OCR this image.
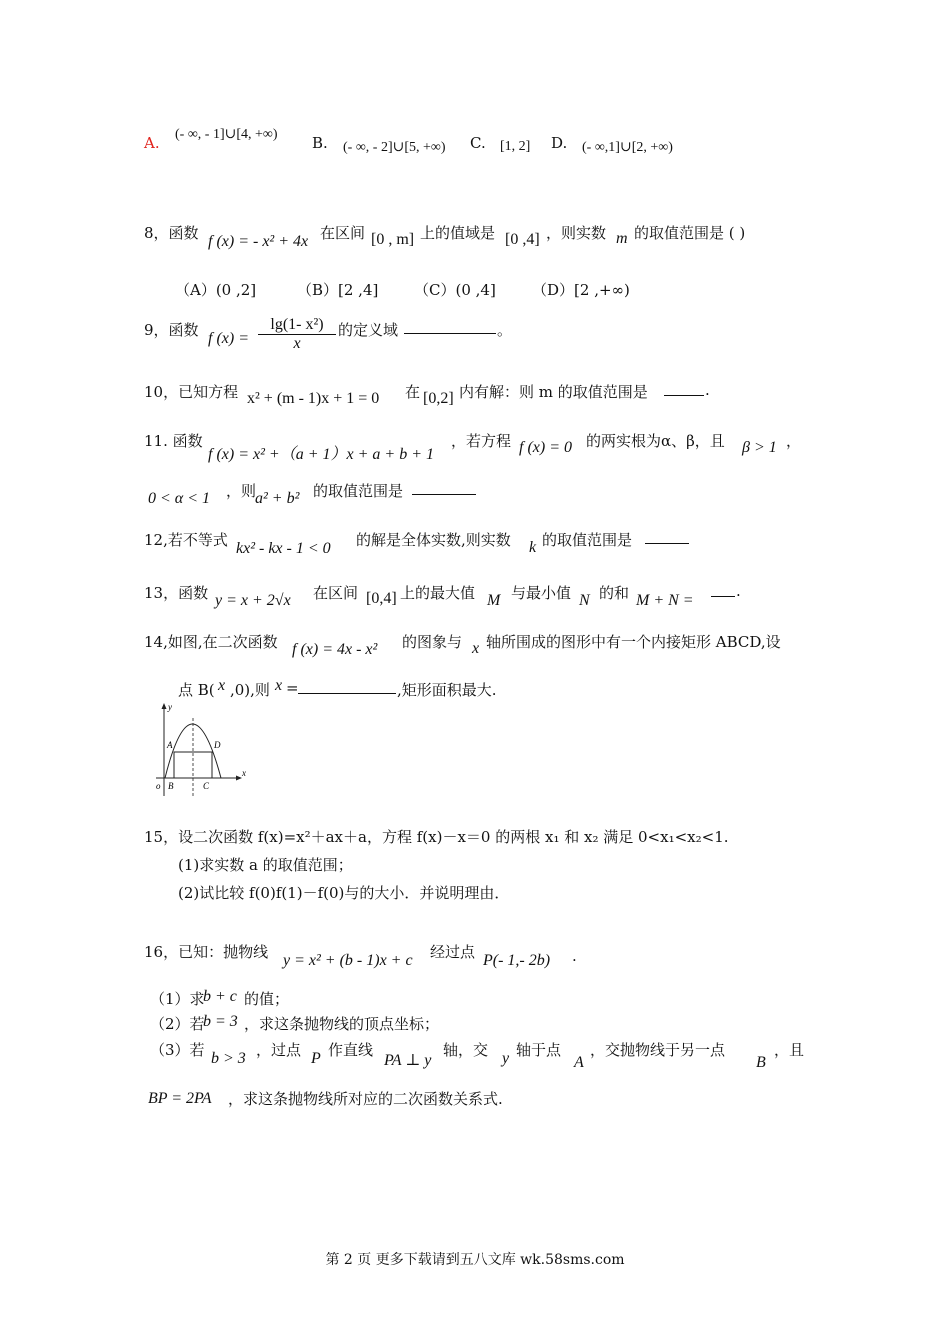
A. (- ∞, - 1]∪[4, +∞) B. (- ∞, - 2]∪[5, +∞) C. [1, 2] D. (- ∞,1]∪[2, +∞)
8，函数 f (x) = - x² + 4x 在区间 [0 , m] 上的值域是 [0 ,4] ，则实数 m 的取值范围是 ( )
（A）(0 ,2]	（B）[2 ,4] （C）(0 ,4] （D）[2 ,+∞)
9，函数 f $(x) = \frac{\text{lg(1- x²)}}{x}$ 的定义域	。
10，已知方程 x² + (m - 1)x + 1 = 0 在 [0,2] 内有解：则 m 的取值范围是	.
11. 函数
f (x) = x² +（a + 1）x + a + b + 1
，若方程 f (x) = 0 的两实根为α、β，且 β > 1 ，
0 < α < 1 ，则
a² + b² 的取值范围是
12,若不等式 kx² - kx - 1 < 0 的解是全体实数,则实数 k 的取值范围是
13，函数 y = x + 2√x 在区间 [0,4] 上的最大值 M 与最小值 N 的和 M + N =
.
14,如图,在二次函数 f (x) = 4x - x² 的图象与 x 轴所围成的图形中有一个内接矩形 ABCD,设
点 B( x ,0),则 x =	,矩形面积最大.
y
x
o
A
B	C
D
15，设二次函数 f(x)=x²＋ax＋a，方程 f(x)－x＝0 的两根 x₁ 和 x₂ 满足 0<x₁<x₂<1.
(1)求实数 a 的取值范围；
(2)试比较 f(0)f(1)－f(0)与的大小．并说明理由．
16，已知：抛物线 y = x² + (b - 1)x + c 经过点 P(- 1,- 2b) .
（1）求
b + c 的值；
（2）若
b = 3 ，求这条抛物线的顶点坐标；
（3）若 b > 3 ，过点 P 作直线
PA ⊥ y
轴，交 y 轴于点
A
，交抛物线于另一点
B
，且
BP = 2PA ，求这条抛物线所对应的二次函数关系式.
第 2 页 更多下载请到五八文库 wk.58sms.com
